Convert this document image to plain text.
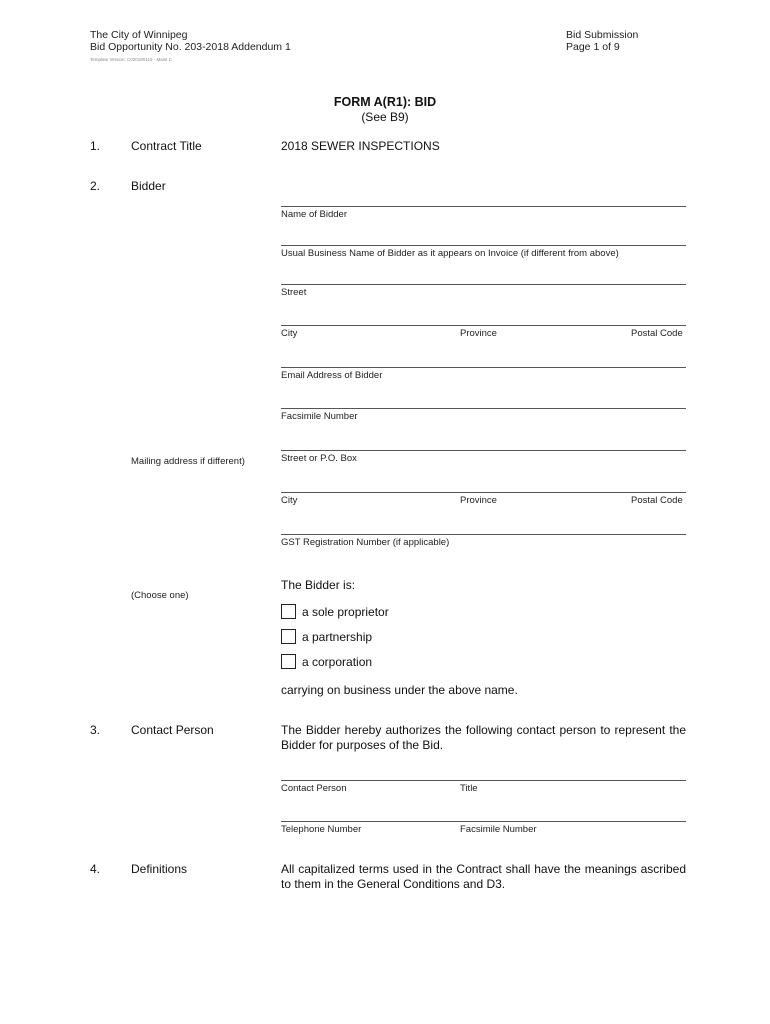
The City of Winnipeg
Bid Opportunity No. 203-2018 Addendum 1
Template Version: C020180115 - Maint C
Bid Submission
Page 1 of 9
FORM A(R1): BID
(See B9)
1.	Contract Title	2018 SEWER INSPECTIONS
2.	Bidder
Name of Bidder
Usual Business Name of Bidder as it appears on Invoice (if different from above)
Street
City	Province	Postal Code
Email Address of Bidder
Facsimile Number
Street or P.O. Box
Mailing address if different)
City	Province	Postal Code
GST Registration Number (if applicable)
The Bidder is:
(Choose one)
a sole proprietor
a partnership
a corporation
carrying on business under the above name.
3.	Contact Person	The Bidder hereby authorizes the following contact person to represent the Bidder for purposes of the Bid.
Contact Person	Title
Telephone Number	Facsimile Number
4.	Definitions	All capitalized terms used in the Contract shall have the meanings ascribed to them in the General Conditions and D3.
